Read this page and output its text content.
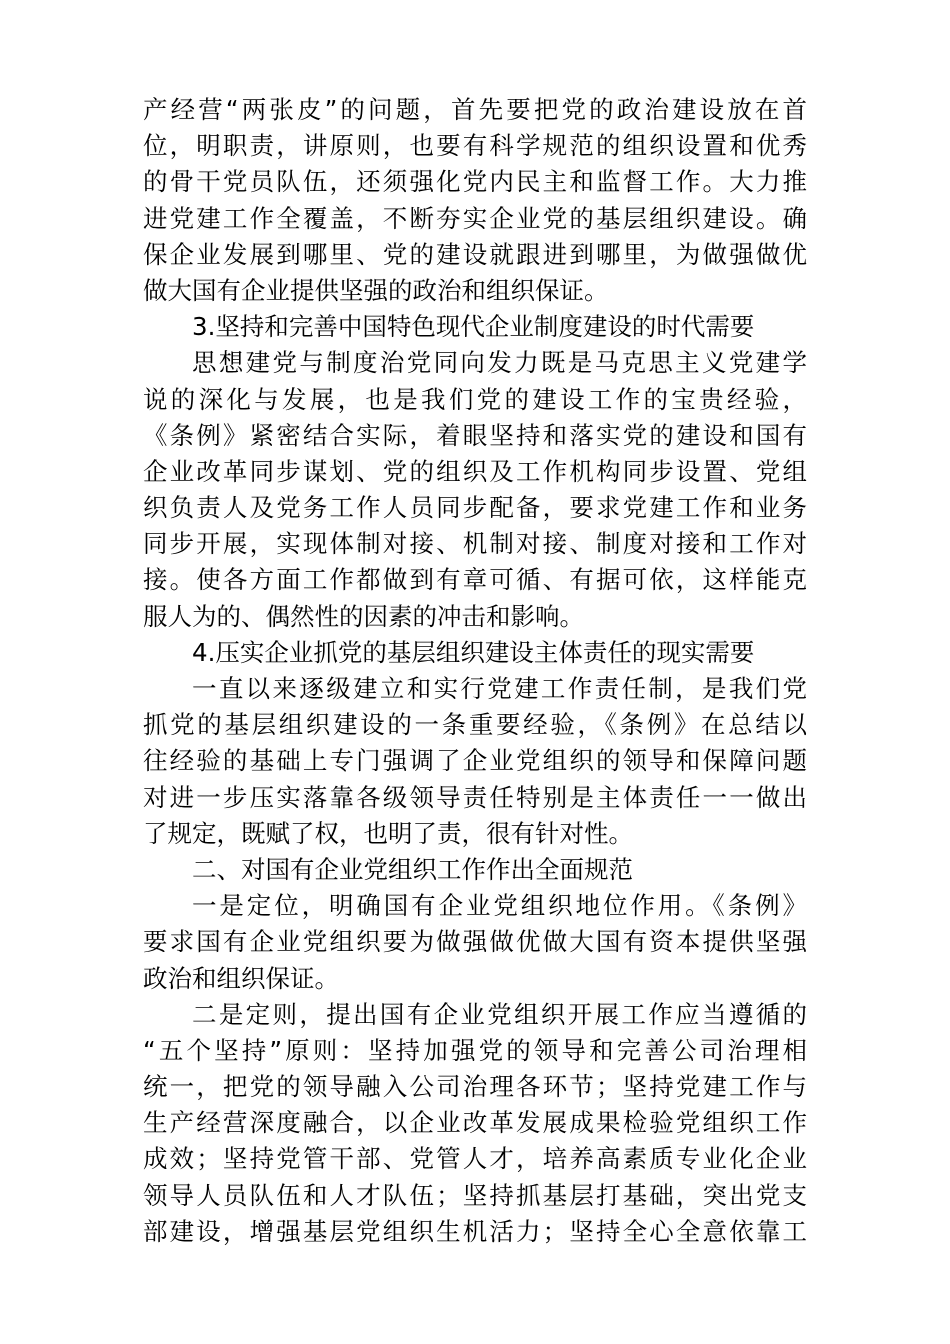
产经营“两张皮”的问题，首先要把党的政治建设放在首
位，明职责，讲原则，也要有科学规范的组织设置和优秀
的骨干党员队伍，还须强化党内民主和监督工作。大力推
进党建工作全覆盖，不断夯实企业党的基层组织建设。确
保企业发展到哪里、党的建设就跟进到哪里，为做强做优
做大国有企业提供坚强的政治和组织保证。
3.坚持和完善中国特色现代企业制度建设的时代需要
思想建党与制度治党同向发力既是马克思主义党建学
说的深化与发展，也是我们党的建设工作的宝贵经验，
《条例》紧密结合实际，着眼坚持和落实党的建设和国有
企业改革同步谋划、党的组织及工作机构同步设置、党组
织负责人及党务工作人员同步配备，要求党建工作和业务
同步开展，实现体制对接、机制对接、制度对接和工作对
接。使各方面工作都做到有章可循、有据可依，这样能克
服人为的、偶然性的因素的冲击和影响。
4.压实企业抓党的基层组织建设主体责任的现实需要
一直以来逐级建立和实行党建工作责任制，是我们党
抓党的基层组织建设的一条重要经验，《条例》在总结以
往经验的基础上专门强调了企业党组织的领导和保障问题
对进一步压实落靠各级领导责任特别是主体责任一一做出
了规定，既赋了权，也明了责，很有针对性。
二、对国有企业党组织工作作出全面规范
一是定位，明确国有企业党组织地位作用。《条例》
要求国有企业党组织要为做强做优做大国有资本提供坚强
政治和组织保证。
二是定则，提出国有企业党组织开展工作应当遵循的
“五个坚持”原则：坚持加强党的领导和完善公司治理相
统一，把党的领导融入公司治理各环节；坚持党建工作与
生产经营深度融合，以企业改革发展成果检验党组织工作
成效；坚持党管干部、党管人才，培养高素质专业化企业
领导人员队伍和人才队伍；坚持抓基层打基础，突出党支
部建设，增强基层党组织生机活力；坚持全心全意依靠工
